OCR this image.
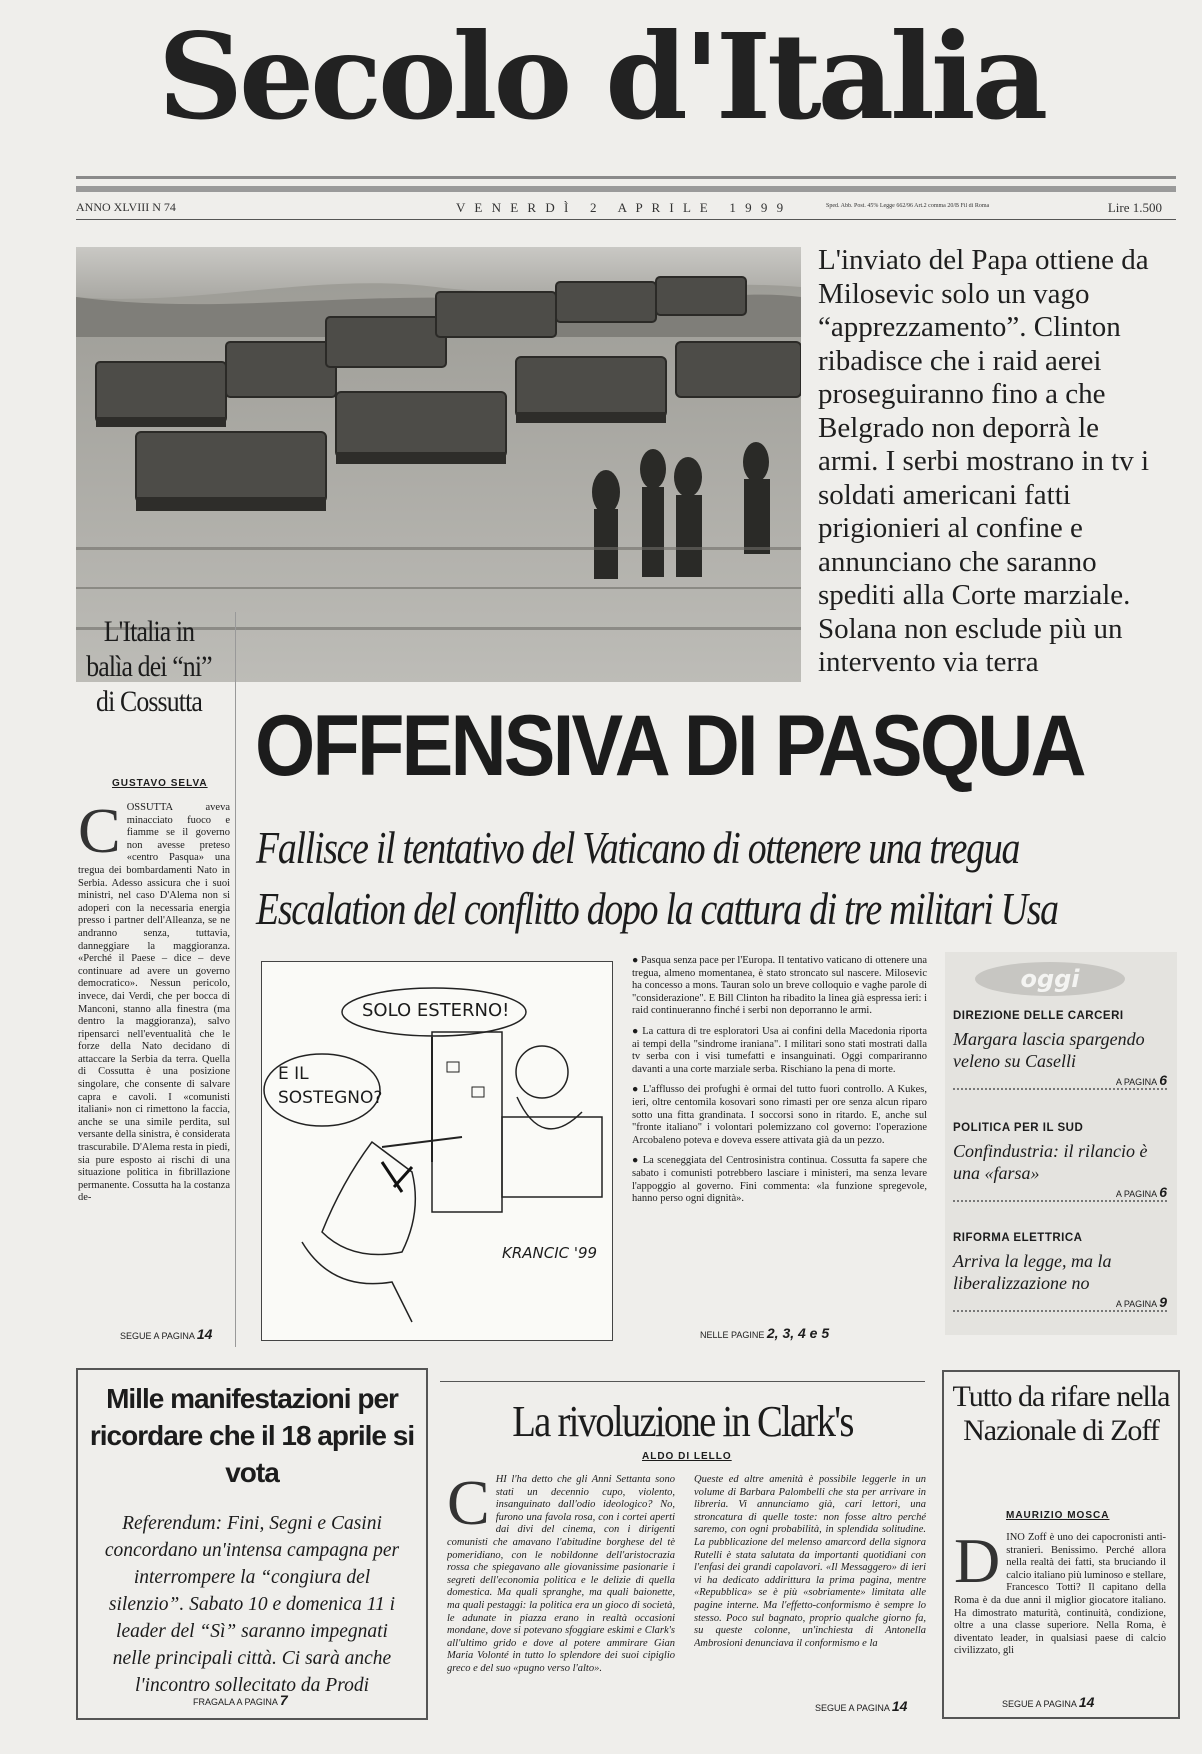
Secolo d'Italia
ANNO XLVIII N 74	V E N E R D Ì   2   A P R I L E   1 9 9 9	Sped. Abb. Post. 45% Legge 662/96 Art.2 comma 20/B Fil di Roma	Lire 1.500
L'inviato del Papa ottiene da Milosevic solo un vago “apprezzamento”. Clinton ribadisce che i raid aerei proseguiranno fino a che Belgrado non deporrà le armi. I serbi mostrano in tv i soldati americani fatti prigionieri al confine e annunciano che saranno spediti alla Corte marziale. Solana non esclude più un intervento via terra
L'Italia in balìa dei “ni” di Cossutta
GUSTAVO SELVA
C OSSUTTA aveva minacciato fuoco e fiamme se il governo non avesse preteso «centro Pasqua» una tregua dei bombardamenti Nato in Serbia. Adesso assicura che i suoi ministri, nel caso D'Alema non si adoperi con la necessaria energia presso i partner dell'Alleanza, se ne andranno senza, tuttavia, danneggiare la maggioranza. «Perché il Paese – dice – deve continuare ad avere un governo democratico». Nessun pericolo, invece, dai Verdi, che per bocca di Manconi, stanno alla finestra (ma dentro la maggioranza), salvo ripensarci nell'eventualità che le forze della Nato decidano di attaccare la Serbia da terra. Quella di Cossutta è una posizione singolare, che consente di salvare capra e cavoli. I «comunisti italiani» non ci rimettono la faccia, anche se una simile perdita, sul versante della sinistra, è considerata trascurabile. D'Alema resta in piedi, sia pure esposto ai rischi di una situazione politica in fibrillazione permanente. Cossutta ha la costanza de-
SEGUE A PAGINA 14
OFFENSIVA DI PASQUA
Fallisce il tentativo del Vaticano di ottenere una tregua
Escalation del conflitto dopo la cattura di tre militari Usa
SOLO ESTERNO!
E IL
SOSTEGNO?
KRANCIC '99

● Pasqua senza pace per l'Europa. Il tentativo vaticano di ottenere una tregua, almeno momentanea, è stato stroncato sul nascere. Milosevic ha concesso a mons. Tauran solo un breve colloquio e vaghe parole di "considerazione". E Bill Clinton ha ribadito la linea già espressa ieri: i raid continueranno finché i serbi non deporranno le armi.

● La cattura di tre esploratori Usa ai confini della Macedonia riporta ai tempi della "sindrome iraniana". I militari sono stati mostrati dalla tv serba con i visi tumefatti e insanguinati. Oggi compariranno davanti a una corte marziale serba. Rischiano la pena di morte.

● L'afflusso dei profughi è ormai del tutto fuori controllo. A Kukes, ieri, oltre centomila kosovari sono rimasti per ore senza alcun riparo sotto una fitta grandinata. I soccorsi sono in ritardo. E, anche sul "fronte italiano" i volontari polemizzano col governo: l'operazione Arcobaleno poteva e doveva essere attivata già da un pezzo.

● La sceneggiata del Centrosinistra continua. Cossutta fa sapere che sabato i comunisti potrebbero lasciare i ministeri, ma senza levare l'appoggio al governo. Fini commenta: «la funzione spregevole, hanno perso ogni dignità».

NELLE PAGINE 2, 3, 4 e 5
oggi
DIREZIONE DELLE CARCERI
Margara lascia spargendo veleno su Caselli
A PAGINA 6
POLITICA PER IL SUD
Confindustria: il rilancio è una «farsa»
A PAGINA 6
RIFORMA ELETTRICA
Arriva la legge, ma la liberalizzazione no
A PAGINA 9
Mille manifestazioni per ricordare che il 18 aprile si vota
Referendum: Fini, Segni e Casini concordano un'intensa campagna per interrompere la “congiura del silenzio”. Sabato 10 e domenica 11 i leader del “Sì” saranno impegnati nelle principali città. Ci sarà anche l'incontro sollecitato da Prodi
FRAGALA A PAGINA 7
La rivoluzione in Clark's
ALDO DI LELLO
C HI l'ha detto che gli Anni Settanta sono stati un decennio cupo, violento, insanguinato dall'odio ideologico? No, furono una favola rosa, con i cortei aperti dai divi del cinema, con i dirigenti comunisti che amavano l'abitudine borghese del tè pomeridiano, con le nobildonne dell'aristocrazia rossa che spiegavano alle giovanissime pasionarie i segreti dell'economia politica e le delizie di quella domestica. Ma quali spranghe, ma quali baionette, ma quali pestaggi: la politica era un gioco di società, le adunate in piazza erano in realtà occasioni mondane, dove si potevano sfoggiare eskimi e Clark's all'ultimo grido e dove al potere ammirare Gian Maria Volonté in tutto lo splendore dei suoi cipiglio greco e del suo «pugno verso l'alto».
Queste ed altre amenità è possibile leggerle in un volume di Barbara Palombelli che sta per arrivare in libreria. Vi annunciamo già, cari lettori, una stroncatura di quelle toste: non fosse altro perché saremo, con ogni probabilità, in splendida solitudine. La pubblicazione del melenso amarcord della signora Rutelli è stata salutata da importanti quotidiani con l'enfasi dei grandi capolavori. «Il Messaggero» di ieri vi ha dedicato addirittura la prima pagina, mentre «Repubblica» se è più «sobriamente» limitata alle pagine interne. Ma l'effetto-conformismo è sempre lo stesso. Poco sul bagnato, proprio qualche giorno fa, su queste colonne, un'inchiesta di Antonella Ambrosioni denunciava il conformismo e la
SEGUE A PAGINA 14
Tutto da rifare nella Nazionale di Zoff
MAURIZIO MOSCA
D INO Zoff è uno dei capocronisti anti-stranieri. Benissimo. Perché allora nella realtà dei fatti, sta bruciando il calcio italiano più luminoso e stellare, Francesco Totti? Il capitano della Roma è da due anni il miglior giocatore italiano. Ha dimostrato maturità, continuità, condizione, oltre a una classe superiore. Nella Roma, è diventato leader, in qualsiasi paese di calcio civilizzato, gli
SEGUE A PAGINA 14
